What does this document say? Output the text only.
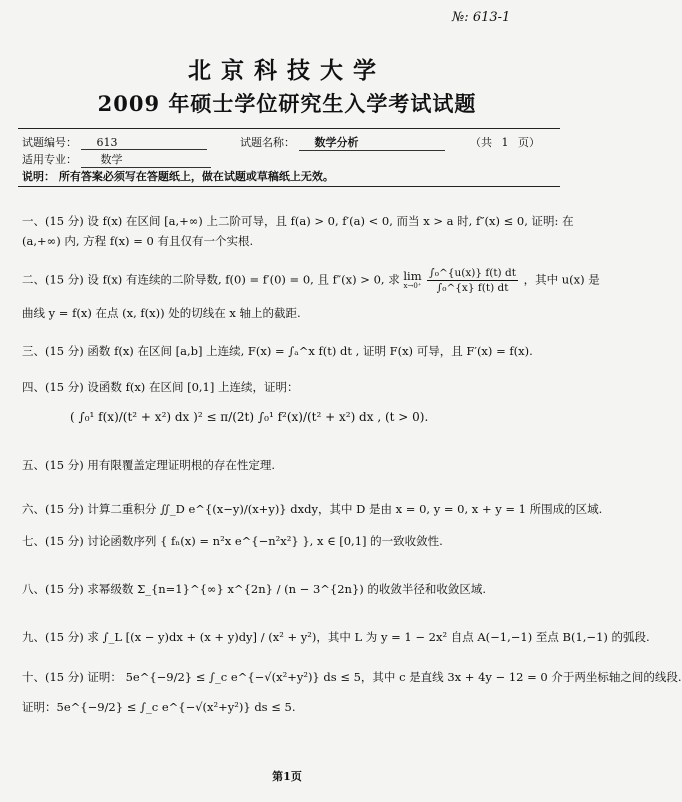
№: 613-1
北京科技大学
2009 年硕士学位研究生入学考试试题
试题编号： 613	试题名称： 数学分析	（共 1 页）
适用专业： 数学
说明： 所有答案必须写在答题纸上，做在试题或草稿纸上无效。
一、(15 分) 设 f(x) 在区间 [a,+∞) 上二阶可导，且 f(a) > 0, f′(a) < 0, 而当 x > a 时, f″(x) ≤ 0, 证明: 在
(a,+∞) 内, 方程 f(x) = 0 有且仅有一个实根.
二、(15 分) 设 f(x) 有连续的二阶导数, f(0) = f′(0) = 0, 且 f″(x) > 0, 求 lim
x→0⁺
$\frac{\text{∫₀\textasciicircum{}\{u(x)\} f(t) dt}}{\text{∫₀\textasciicircum{}\{x\} f(t) dt}}$ ，其中 u(x) 是
曲线 y = f(x) 在点 (x, f(x)) 处的切线在 x 轴上的截距.
三、(15 分) 函数 f(x) 在区间 [a,b] 上连续, F(x) = ∫ₐ^x f(t) dt , 证明 F(x) 可导，且 F′(x) = f(x).
四、(15 分) 设函数 f(x) 在区间 [0,1] 上连续，证明：
( ∫₀¹ f(x)/(t² + x²) dx )² ≤ π/(2t) ∫₀¹ f²(x)/(t² + x²) dx , (t > 0).
五、(15 分) 用有限覆盖定理证明根的存在性定理.
六、(15 分) 计算二重积分 ∬_D e^{(x−y)/(x+y)} dxdy，其中 D 是由 x = 0, y = 0, x + y = 1 所围成的区域.
七、(15 分) 讨论函数序列 { fₙ(x) = n²x e^{−n²x²} }, x ∈ [0,1] 的一致收敛性.
八、(15 分) 求幂级数 Σ_{n=1}^{∞} x^{2n} / (n − 3^{2n}) 的收敛半径和收敛区域.
九、(15 分) 求 ∫_L [(x − y)dx + (x + y)dy] / (x² + y²)，其中 L 为 y = 1 − 2x² 自点 A(−1,−1) 至点 B(1,−1) 的弧段.
十、(15 分) 证明： 5e^{−9/2} ≤ ∫_c e^{−√(x²+y²)} ds ≤ 5，其中 c 是直线 3x + 4y − 12 = 0 介于两坐标轴之间的线段.
证明：5e^{−9/2} ≤ ∫_c e^{−√(x²+y²)} ds ≤ 5.
第1页
